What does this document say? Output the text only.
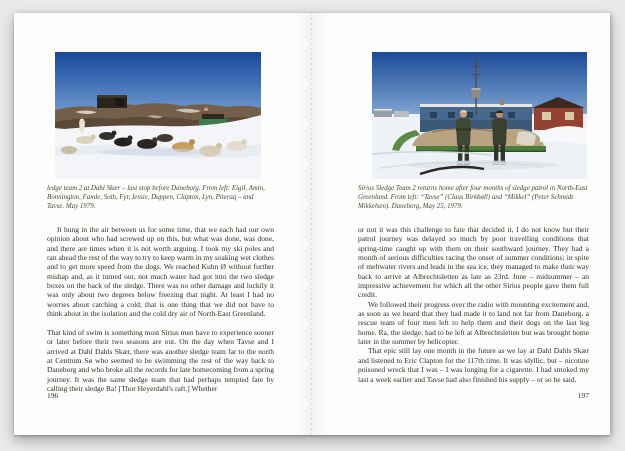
ledge team 2 at Dahl Skær – last stop before Daneborg. From left: Eigil, Amin, Bonnington, Famle, Soth, Fyr, Iessie, Duppen, Clapton, Lyn, Piteraq – and Tavse. May 1979.

It hung in the air between us for some time, that we each had our own opinion about who had screwed up on this, but what was done, was done, and there are times when it is not worth arguing. I took my ski poles and ran ahead the rest of the way to try to keep warm in my soaking wet clothes and to get more speed from the dogs. We reached Kuhn Ø without further mishap and, as it turned out, not much water had got into the two sledge boxes on the back of the sledge. There was no other damage and luckily it was only about two degrees below freezing that night. At least I had no worries about catching a cold; that is one thing that we did not have to think about in the isolation and the cold dry air of North-East Greenland.

That kind of swim is something most Sirius men have to experience sooner or later before their two seasons are out. On the day when Tavse and I arrived at Dahl Dahls Skær, there was another sledge team far to the north at Centrum Sø who seemed to be swimming the rest of the way back to Daneborg and who broke all the records for late homecoming from a spring journey. It was the same sledge team that had perhaps tempted fate by calling their sledge Ra! [Thor Heyerdahl's raft.] Whether

196
Sirius Sledge Team 2 returns home after four months of sledge patrol in North-East Greenland. From left: “Tavse” (Claus Birkbøll) and “Mikkel” (Peter Schmidt Mikkelsen). Daneborg, May 25, 1979.

or not it was this challenge to fate that decided it, I do not know but their patrol journey was delayed so much by poor travelling conditions that spring-time caught up with them on their southward journey. They had a month of serious difficulties racing the onset of summer conditions; in spite of meltwater rivers and leads in the sea ice, they managed to make their way back to arrive at Albrechtsletten as late as 23rd. June – midsummer – an impressive achievement for which all the other Sirius people gave them full credit.

We followed their progress over the radio with mounting excitement and, as soon as we heard that they had made it to land not far from Daneborg, a rescue team of four men left to help them and their dogs on the last leg home. Ra, the sledge, had to be left at Albrechtsletten but was brought home later in the summer by helicopter.

That epic still lay one month in the future as we lay at Dahl Dahls Skær and listened to Eric Clapton for the 117th time. It was idyllic, but – nicotine poisoned wreck that I was – I was longing for a cigarette. I had smoked my last a week earlier and Tavse had also finished his supply – or so he said.

197
